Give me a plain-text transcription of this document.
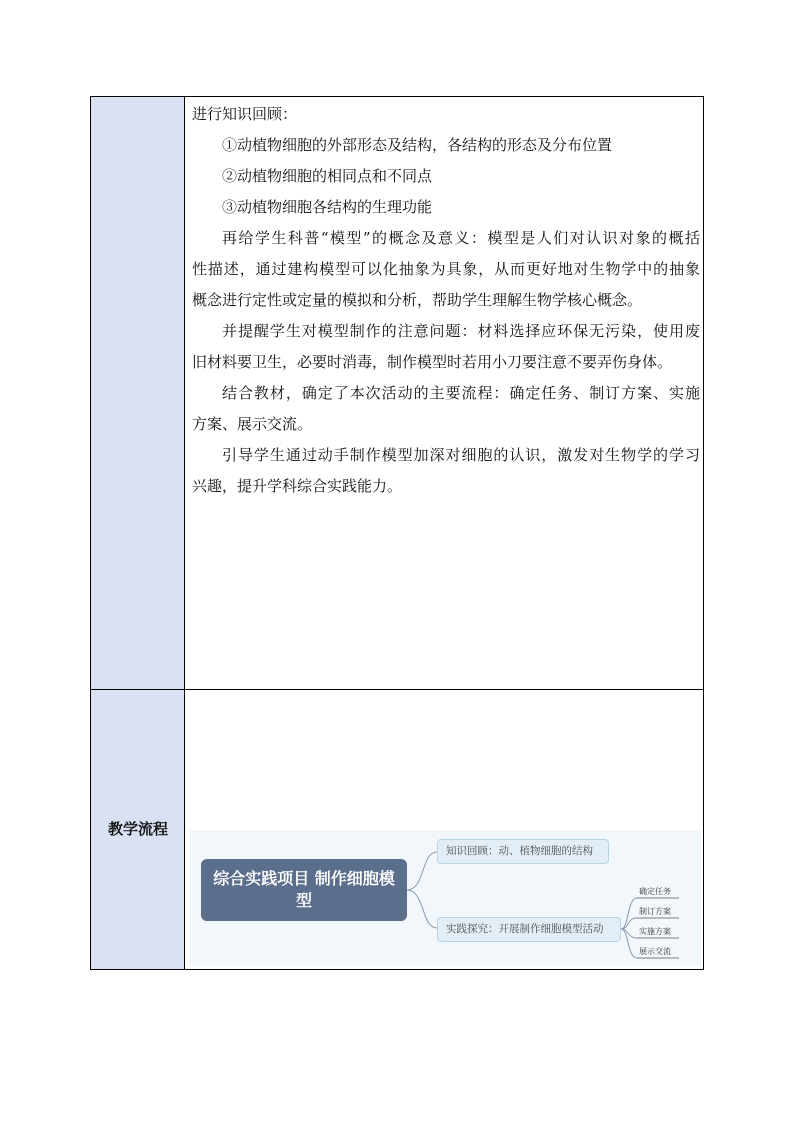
进行知识回顾：

①动植物细胞的外部形态及结构，各结构的形态及分布位置

②动植物细胞的相同点和不同点

③动植物细胞各结构的生理功能

再给学生科普“模型”的概念及意义：模型是人们对认识对象的概括
性描述，通过建构模型可以化抽象为具象，从而更好地对生物学中的抽象
概念进行定性或定量的模拟和分析，帮助学生理解生物学核心概念。

并提醒学生对模型制作的注意问题：材料选择应环保无污染，使用废
旧材料要卫生，必要时消毒，制作模型时若用小刀要注意不要弄伤身体。

结合教材，确定了本次活动的主要流程：确定任务、制订方案、实施
方案、展示交流。

引导学生通过动手制作模型加深对细胞的认识，激发对生物学的学习
兴趣，提升学科综合实践能力。

教学流程
综合实践项目 制作细胞模型
知识回顾：动、植物细胞的结构
实践探究：开展制作细胞模型活动
确定任务
制订方案
实施方案
展示交流
